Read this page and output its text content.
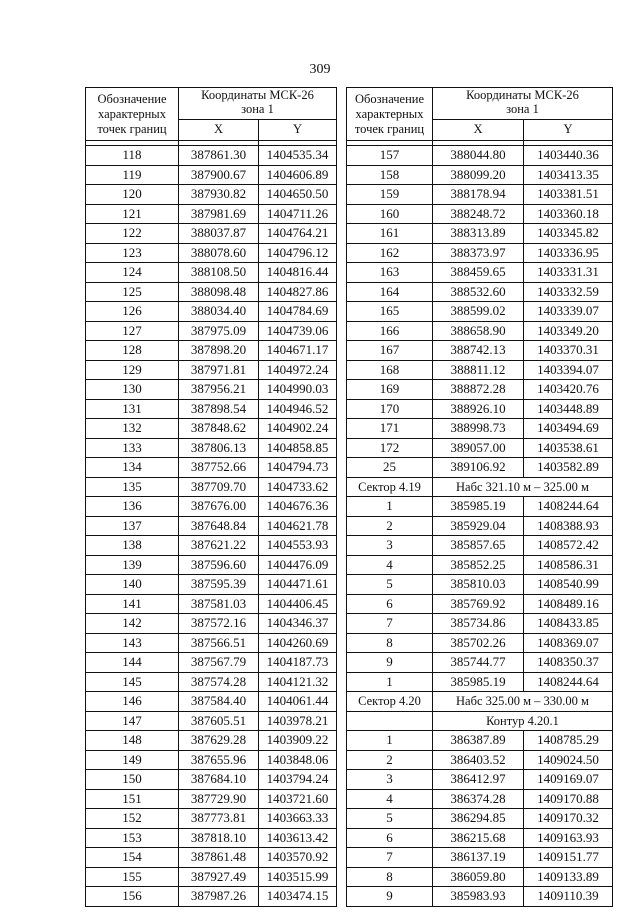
309
Обозначение
характерных
точек границ	Координаты МСК-26
зона 1	
	X	Y

118	387861.30	1404535.34
119	387900.67	1404606.89
120	387930.82	1404650.50
121	387981.69	1404711.26
122	388037.87	1404764.21
123	388078.60	1404796.12
124	388108.50	1404816.44
125	388098.48	1404827.86
126	388034.40	1404784.69
127	387975.09	1404739.06
128	387898.20	1404671.17
129	387971.81	1404972.24
130	387956.21	1404990.03
131	387898.54	1404946.52
132	387848.62	1404902.24
133	387806.13	1404858.85
134	387752.66	1404794.73
135	387709.70	1404733.62
136	387676.00	1404676.36
137	387648.84	1404621.78
138	387621.22	1404553.93
139	387596.60	1404476.09
140	387595.39	1404471.61
141	387581.03	1404406.45
142	387572.16	1404346.37
143	387566.51	1404260.69
144	387567.79	1404187.73
145	387574.28	1404121.32
146	387584.40	1404061.44
147	387605.51	1403978.21
148	387629.28	1403909.22
149	387655.96	1403848.06
150	387684.10	1403794.24
151	387729.90	1403721.60
152	387773.81	1403663.33
153	387818.10	1403613.42
154	387861.48	1403570.92
155	387927.49	1403515.99
156	387987.26	1403474.15
Обозначение
характерных
точек границ	Координаты МСК-26
зона 1	
	X	Y

157	388044.80	1403440.36
158	388099.20	1403413.35
159	388178.94	1403381.51
160	388248.72	1403360.18
161	388313.89	1403345.82
162	388373.97	1403336.95
163	388459.65	1403331.31
164	388532.60	1403332.59
165	388599.02	1403339.07
166	388658.90	1403349.20
167	388742.13	1403370.31
168	388811.12	1403394.07
169	388872.28	1403420.76
170	388926.10	1403448.89
171	388998.73	1403494.69
172	389057.00	1403538.61
25	389106.92	1403582.89
Сектор 4.19	Набс 321.10 м – 325.00 м	
1	385985.19	1408244.64
2	385929.04	1408388.93
3	385857.65	1408572.42
4	385852.25	1408586.31
5	385810.03	1408540.99
6	385769.92	1408489.16
7	385734.86	1408433.85
8	385702.26	1408369.07
9	385744.77	1408350.37
1	385985.19	1408244.64
Сектор 4.20	Набс 325.00 м – 330.00 м	
	Контур 4.20.1	
1	386387.89	1408785.29
2	386403.52	1409024.50
3	386412.97	1409169.07
4	386374.28	1409170.88
5	386294.85	1409170.32
6	386215.68	1409163.93
7	386137.19	1409151.77
8	386059.80	1409133.89
9	385983.93	1409110.39
